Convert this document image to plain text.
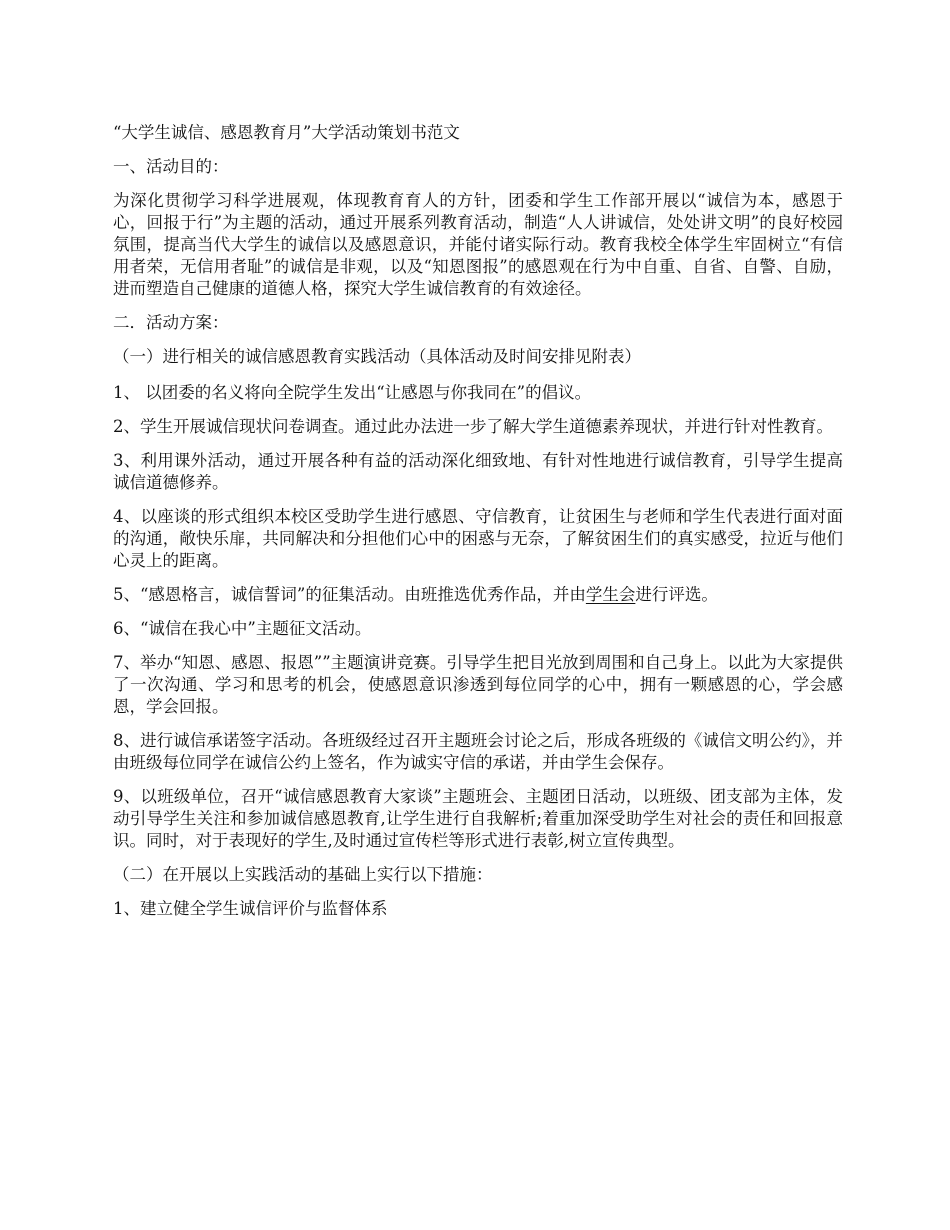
“大学生诚信、感恩教育月”大学活动策划书范文

一、活动目的：

为深化贯彻学习科学进展观，体现教育育人的方针，团委和学生工作部开展以“诚信为本，感恩于心，回报于行”为主题的活动，通过开展系列教育活动，制造“人人讲诚信，处处讲文明”的良好校园氛围，提高当代大学生的诚信以及感恩意识，并能付诸实际行动。教育我校全体学生牢固树立“有信用者荣，无信用者耻”的诚信是非观，以及“知恩图报”的感恩观在行为中自重、自省、自警、自励，进而塑造自己健康的道德人格，探究大学生诚信教育的有效途径。

二．活动方案：

（一）进行相关的诚信感恩教育实践活动（具体活动及时间安排见附表）

1、 以团委的名义将向全院学生发出“让感恩与你我同在”的倡议。

2、学生开展诚信现状问卷调查。通过此办法进一步了解大学生道德素养现状，并进行针对性教育。

3、利用课外活动，通过开展各种有益的活动深化细致地、有针对性地进行诚信教育，引导学生提高诚信道德修养。

4、以座谈的形式组织本校区受助学生进行感恩、守信教育，让贫困生与老师和学生代表进行面对面的沟通，敞快乐扉，共同解决和分担他们心中的困惑与无奈，了解贫困生们的真实感受，拉近与他们心灵上的距离。

5、“感恩格言，诚信誓词”的征集活动。由班推选优秀作品，并由学生会进行评选。

6、“诚信在我心中”主题征文活动。

7、举办“知恩、感恩、报恩””主题演讲竞赛。引导学生把目光放到周围和自己身上。以此为大家提供了一次沟通、学习和思考的机会，使感恩意识渗透到每位同学的心中，拥有一颗感恩的心，学会感恩，学会回报。

8、进行诚信承诺签字活动。各班级经过召开主题班会讨论之后，形成各班级的《诚信文明公约》，并由班级每位同学在诚信公约上签名，作为诚实守信的承诺，并由学生会保存。

9、以班级单位，召开“诚信感恩教育大家谈”主题班会、主题团日活动，以班级、团支部为主体，发动引导学生关注和参加诚信感恩教育,让学生进行自我解析;着重加深受助学生对社会的责任和回报意识。同时，对于表现好的学生,及时通过宣传栏等形式进行表彰,树立宣传典型。

（二）在开展以上实践活动的基础上实行以下措施：

1、建立健全学生诚信评价与监督体系
